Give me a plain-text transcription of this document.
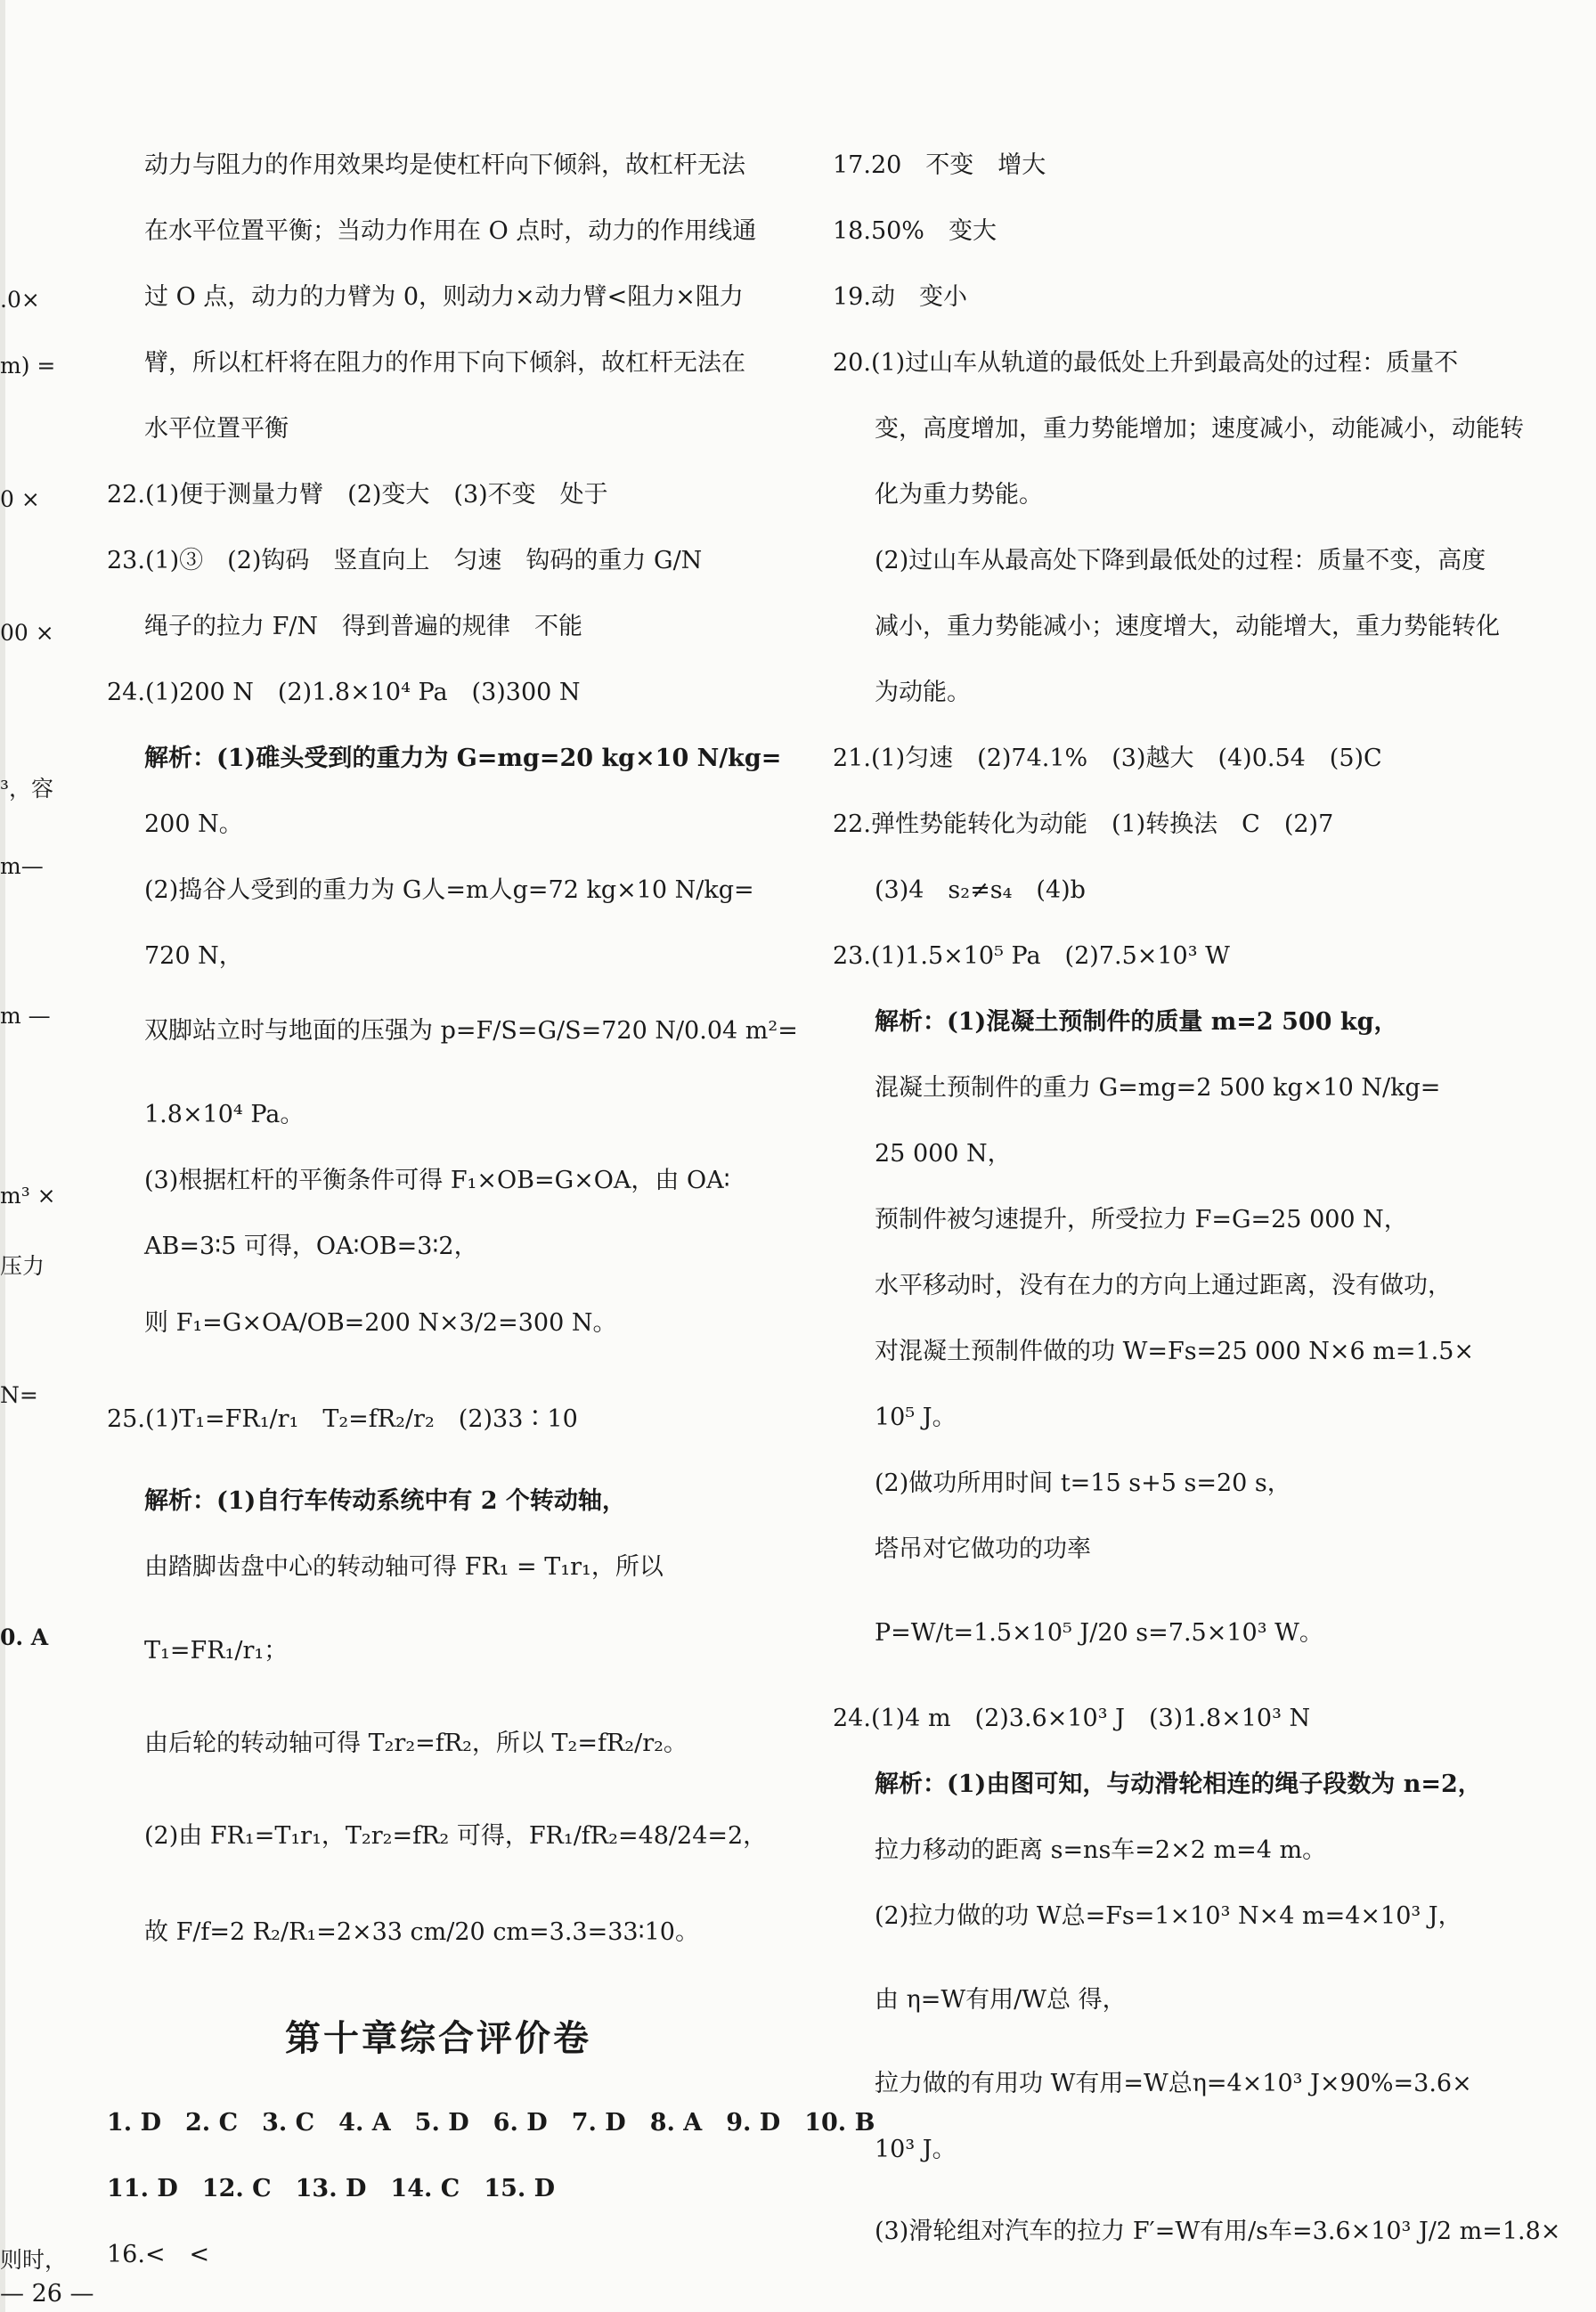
.0×
m) =
0 ×
00 ×
³，容
m—
m —
m³ ×
压力
N=
0. A
则时，
动力与阻力的作用效果均是使杠杆向下倾斜，故杠杆无法
在水平位置平衡；当动力作用在 O 点时，动力的作用线通
过 O 点，动力的力臂为 0，则动力×动力臂<阻力×阻力
臂，所以杠杆将在阻力的作用下向下倾斜，故杠杆无法在
水平位置平衡
22.(1)便于测量力臂　(2)变大　(3)不变　处于
23.(1)③　(2)钩码　竖直向上　匀速　钩码的重力 G/N
绳子的拉力 F/N　得到普遍的规律　不能
24.(1)200 N　(2)1.8×10⁴ Pa　(3)300 N
解析：(1)碓头受到的重力为 G=mg=20 kg×10 N/kg=
200 N。
(2)捣谷人受到的重力为 G人=m人g=72 kg×10 N/kg=
720 N，
双脚站立时与地面的压强为 p=F/S=G/S=720 N/0.04 m²=
1.8×10⁴ Pa。
(3)根据杠杆的平衡条件可得 F₁×OB=G×OA，由 OA∶
AB=3∶5 可得，OA∶OB=3∶2，
则 F₁=G×OA/OB=200 N×3/2=300 N。
25.(1)T₁=FR₁/r₁　T₂=fR₂/r₂　(2)33∶10
解析：(1)自行车传动系统中有 2 个转动轴，
由踏脚齿盘中心的转动轴可得 FR₁ = T₁r₁，所以
T₁=FR₁/r₁；
由后轮的转动轴可得 T₂r₂=fR₂，所以 T₂=fR₂/r₂。
(2)由 FR₁=T₁r₁，T₂r₂=fR₂ 可得，FR₁/fR₂=48/24=2，
故 F/f=2 R₂/R₁=2×33 cm/20 cm=3.3=33∶10。
第十章综合评价卷
1. D　2. C　3. C　4. A　5. D　6. D　7. D　8. A　9. D　10. B
11. D　12. C　13. D　14. C　15. D
16.<　<
— 26 —
17.20　不变　增大
18.50%　变大
19.动　变小
20.(1)过山车从轨道的最低处上升到最高处的过程：质量不
变，高度增加，重力势能增加；速度减小，动能减小，动能转
化为重力势能。
(2)过山车从最高处下降到最低处的过程：质量不变，高度
减小，重力势能减小；速度增大，动能增大，重力势能转化
为动能。
21.(1)匀速　(2)74.1%　(3)越大　(4)0.54　(5)C
22.弹性势能转化为动能　(1)转换法　C　(2)7
(3)4　s₂≠s₄　(4)b
23.(1)1.5×10⁵ Pa　(2)7.5×10³ W
解析：(1)混凝土预制件的质量 m=2 500 kg，
混凝土预制件的重力 G=mg=2 500 kg×10 N/kg=
25 000 N，
预制件被匀速提升，所受拉力 F=G=25 000 N，
水平移动时，没有在力的方向上通过距离，没有做功，
对混凝土预制件做的功 W=Fs=25 000 N×6 m=1.5×
10⁵ J。
(2)做功所用时间 t=15 s+5 s=20 s，
塔吊对它做功的功率
P=W/t=1.5×10⁵ J/20 s=7.5×10³ W。
24.(1)4 m　(2)3.6×10³ J　(3)1.8×10³ N
解析：(1)由图可知，与动滑轮相连的绳子段数为 n=2，
拉力移动的距离 s=ns车=2×2 m=4 m。
(2)拉力做的功 W总=Fs=1×10³ N×4 m=4×10³ J，
由 η=W有用/W总 得，
拉力做的有用功 W有用=W总η=4×10³ J×90%=3.6×
10³ J。
(3)滑轮组对汽车的拉力 F′=W有用/s车=3.6×10³ J/2 m=1.8×
